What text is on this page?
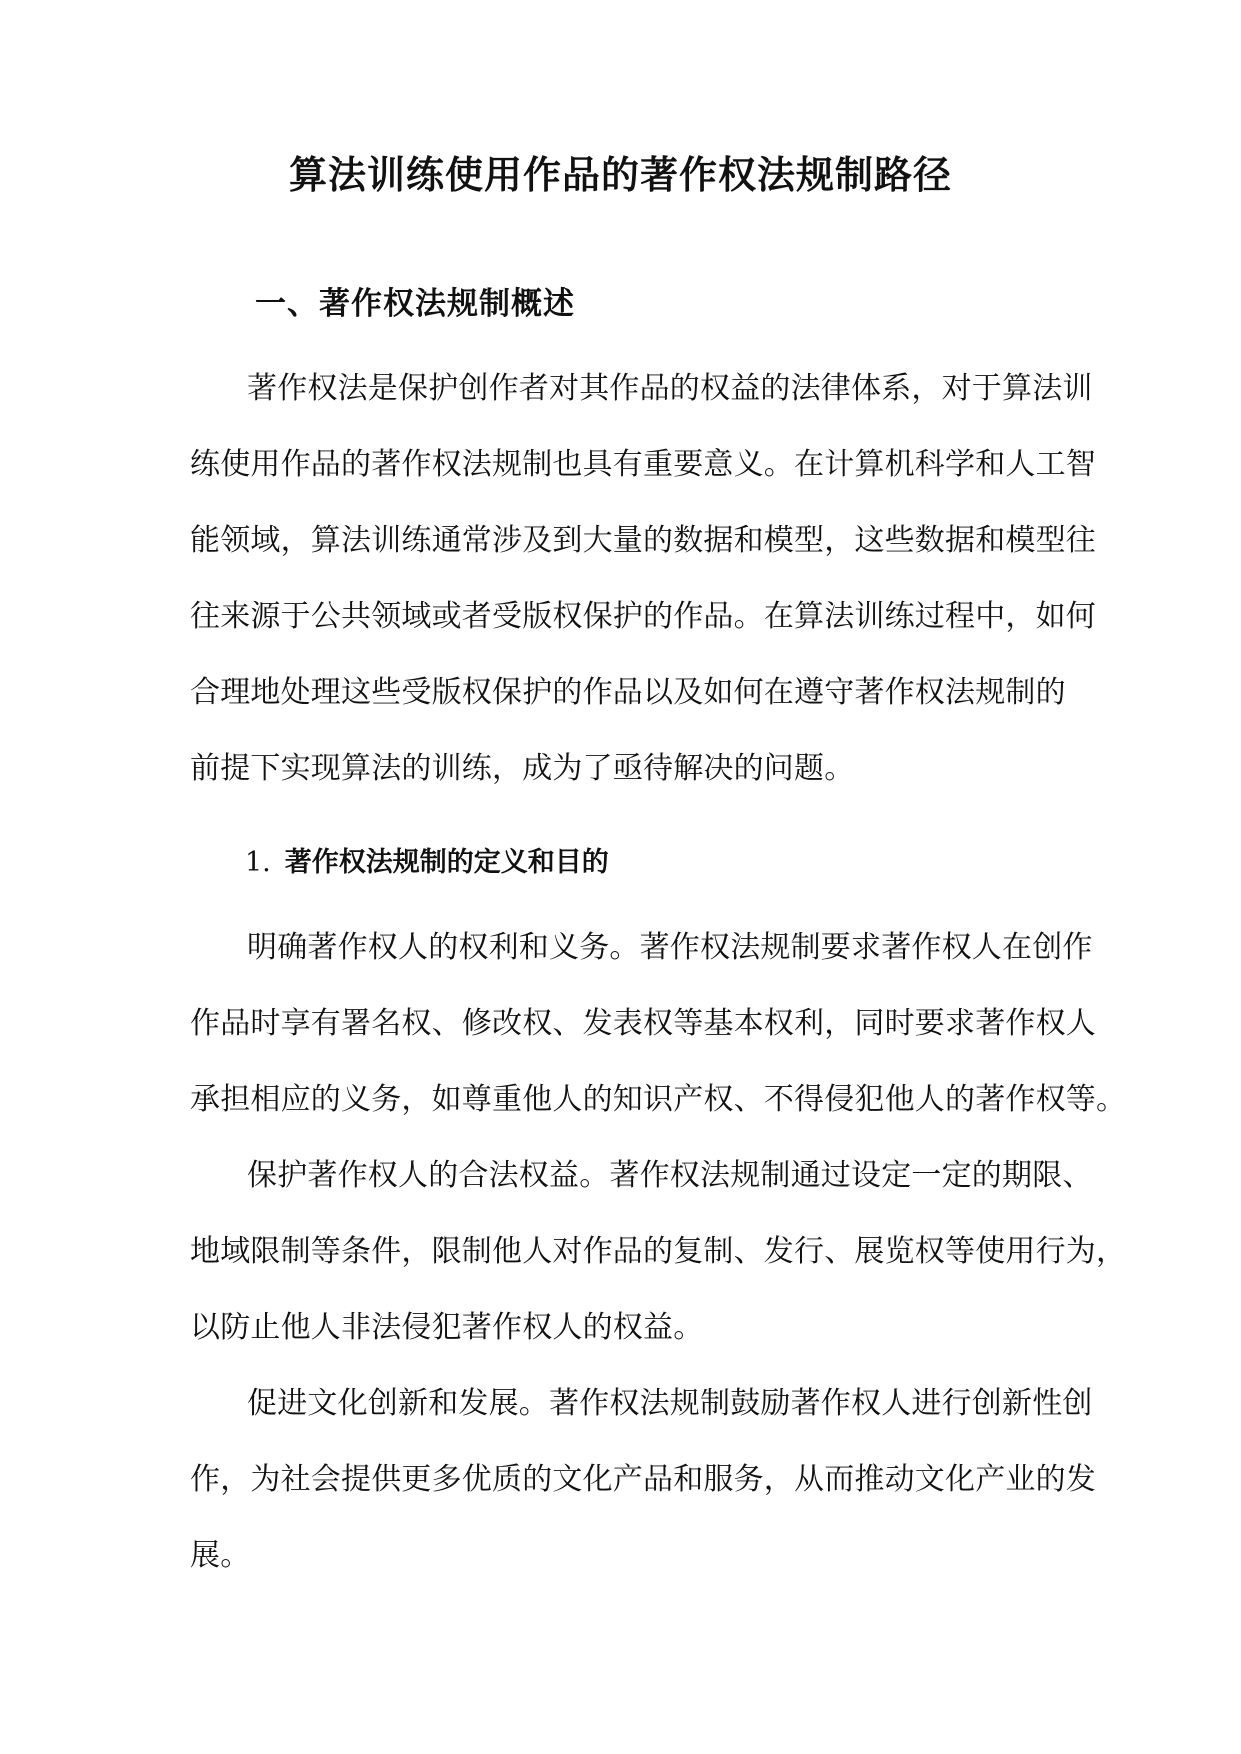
算法训练使用作品的著作权法规制路径
一、著作权法规制概述
著作权法是保护创作者对其作品的权益的法律体系，对于算法训
练使用作品的著作权法规制也具有重要意义。在计算机科学和人工智
能领域，算法训练通常涉及到大量的数据和模型，这些数据和模型往
往来源于公共领域或者受版权保护的作品。在算法训练过程中，如何
合理地处理这些受版权保护的作品以及如何在遵守著作权法规制的
前提下实现算法的训练，成为了亟待解决的问题。
1. 著作权法规制的定义和目的
明确著作权人的权利和义务。著作权法规制要求著作权人在创作
作品时享有署名权、修改权、发表权等基本权利，同时要求著作权人
承担相应的义务，如尊重他人的知识产权、不得侵犯他人的著作权等。
保护著作权人的合法权益。著作权法规制通过设定一定的期限、
地域限制等条件，限制他人对作品的复制、发行、展览权等使用行为，
以防止他人非法侵犯著作权人的权益。
促进文化创新和发展。著作权法规制鼓励著作权人进行创新性创
作，为社会提供更多优质的文化产品和服务，从而推动文化产业的发
展。
